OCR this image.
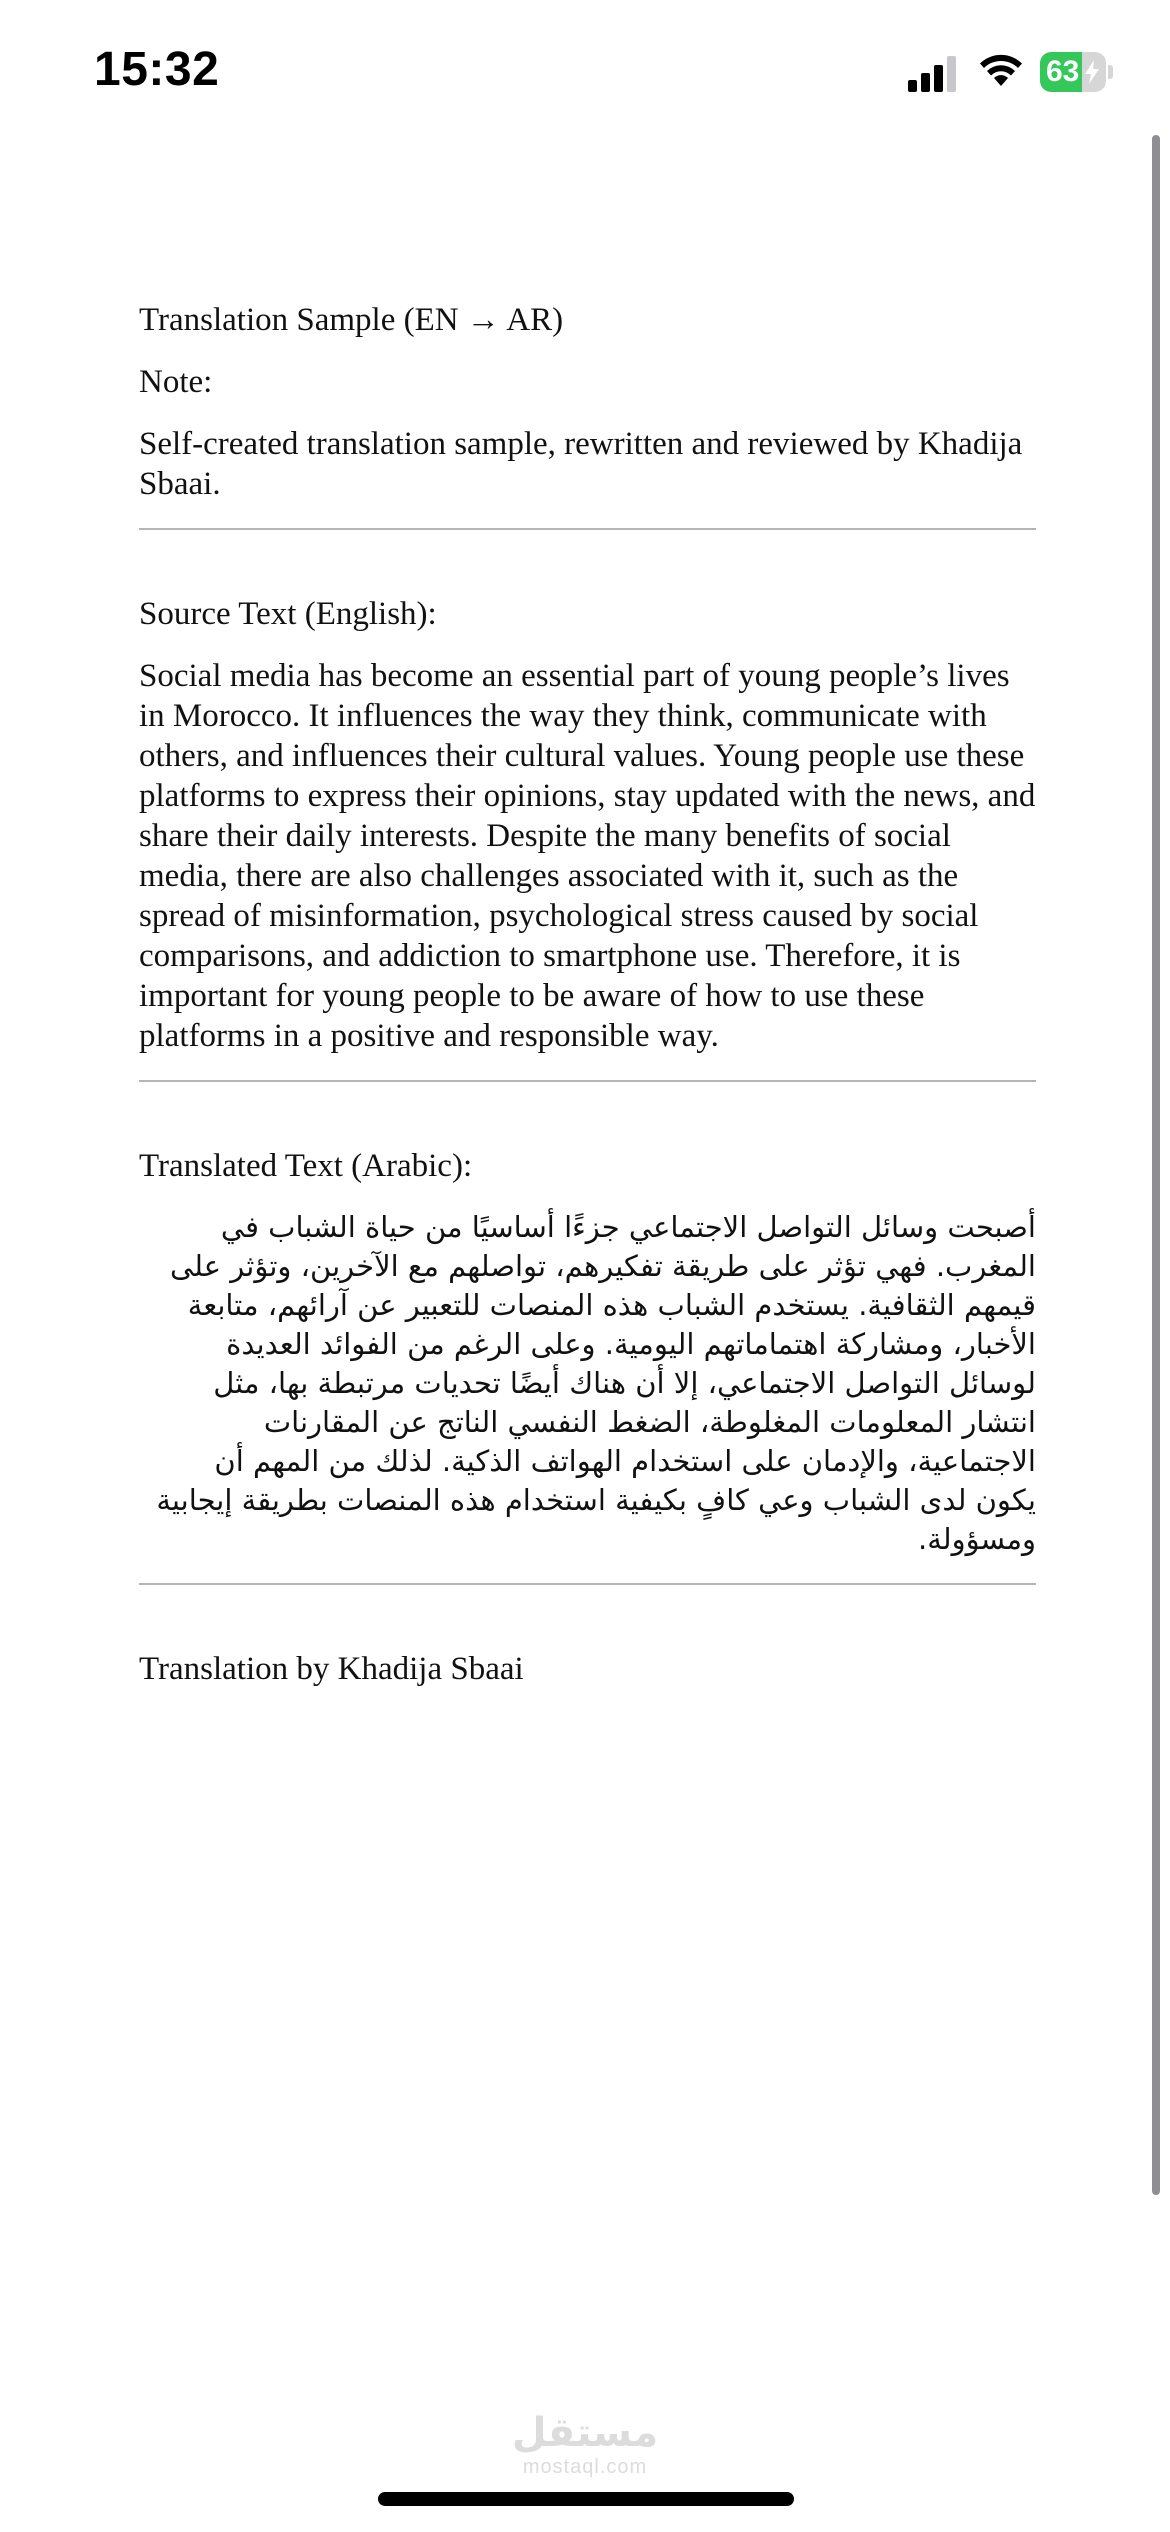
15:32	63

Translation Sample (EN → AR)

Note:

Self-created translation sample, rewritten and reviewed by Khadija Sbaai.

Source Text (English):

Social media has become an essential part of young people’s lives in Morocco. It influences the way they think, communicate with others, and influences their cultural values. Young people use these platforms to express their opinions, stay updated with the news, and share their daily interests. Despite the many benefits of social media, there are also challenges associated with it, such as the spread of misinformation, psychological stress caused by social comparisons, and addiction to smartphone use. Therefore, it is important for young people to be aware of how to use these platforms in a positive and responsible way.

Translated Text (Arabic):

أصبحت وسائل التواصل الاجتماعي جزءًا أساسيًا من حياة الشباب في المغرب. فهي تؤثر على طريقة تفكيرهم، تواصلهم مع الآخرين، وتؤثر على قيمهم الثقافية. يستخدم الشباب هذه المنصات للتعبير عن آرائهم، متابعة الأخبار، ومشاركة اهتماماتهم اليومية. وعلى الرغم من الفوائد العديدة لوسائل التواصل الاجتماعي، إلا أن هناك أيضًا تحديات مرتبطة بها، مثل انتشار المعلومات المغلوطة، الضغط النفسي الناتج عن المقارنات الاجتماعية، والإدمان على استخدام الهواتف الذكية. لذلك من المهم أن يكون لدى الشباب وعي كافٍ بكيفية استخدام هذه المنصات بطريقة إيجابية ومسؤولة.

Translation by Khadija Sbaai

مستقل
mostaql.com
